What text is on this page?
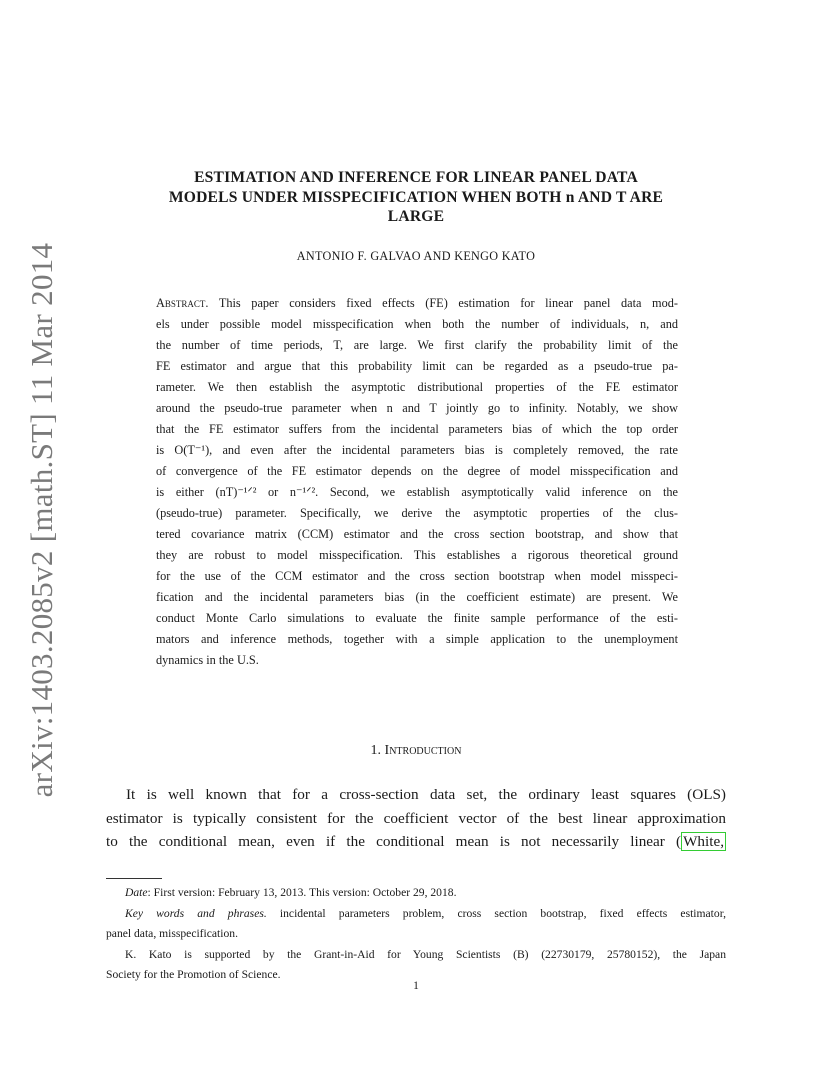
arXiv:1403.2085v2 [math.ST] 11 Mar 2014
ESTIMATION AND INFERENCE FOR LINEAR PANEL DATA
MODELS UNDER MISSPECIFICATION WHEN BOTH n AND T ARE
LARGE
ANTONIO F. GALVAO AND KENGO KATO
Abstract. This paper considers fixed effects (FE) estimation for linear panel data mod-
els under possible model misspecification when both the number of individuals, n, and
the number of time periods, T, are large. We first clarify the probability limit of the
FE estimator and argue that this probability limit can be regarded as a pseudo-true pa-
rameter. We then establish the asymptotic distributional properties of the FE estimator
around the pseudo-true parameter when n and T jointly go to infinity. Notably, we show
that the FE estimator suffers from the incidental parameters bias of which the top order
is O(T⁻¹), and even after the incidental parameters bias is completely removed, the rate
of convergence of the FE estimator depends on the degree of model misspecification and
is either (nT)⁻¹ᐟ² or n⁻¹ᐟ². Second, we establish asymptotically valid inference on the
(pseudo-true) parameter. Specifically, we derive the asymptotic properties of the clus-
tered covariance matrix (CCM) estimator and the cross section bootstrap, and show that
they are robust to model misspecification. This establishes a rigorous theoretical ground
for the use of the CCM estimator and the cross section bootstrap when model misspeci-
fication and the incidental parameters bias (in the coefficient estimate) are present. We
conduct Monte Carlo simulations to evaluate the finite sample performance of the esti-
mators and inference methods, together with a simple application to the unemployment
dynamics in the U.S.
1. Introduction
It is well known that for a cross-section data set, the ordinary least squares (OLS)
estimator is typically consistent for the coefficient vector of the best linear approximation
to the conditional mean, even if the conditional mean is not necessarily linear ( White,
Date: First version: February 13, 2013. This version: October 29, 2018.
Key words and phrases. incidental parameters problem, cross section bootstrap, fixed effects estimator,
panel data, misspecification.
K. Kato is supported by the Grant-in-Aid for Young Scientists (B) (22730179, 25780152), the Japan
Society for the Promotion of Science.
1
